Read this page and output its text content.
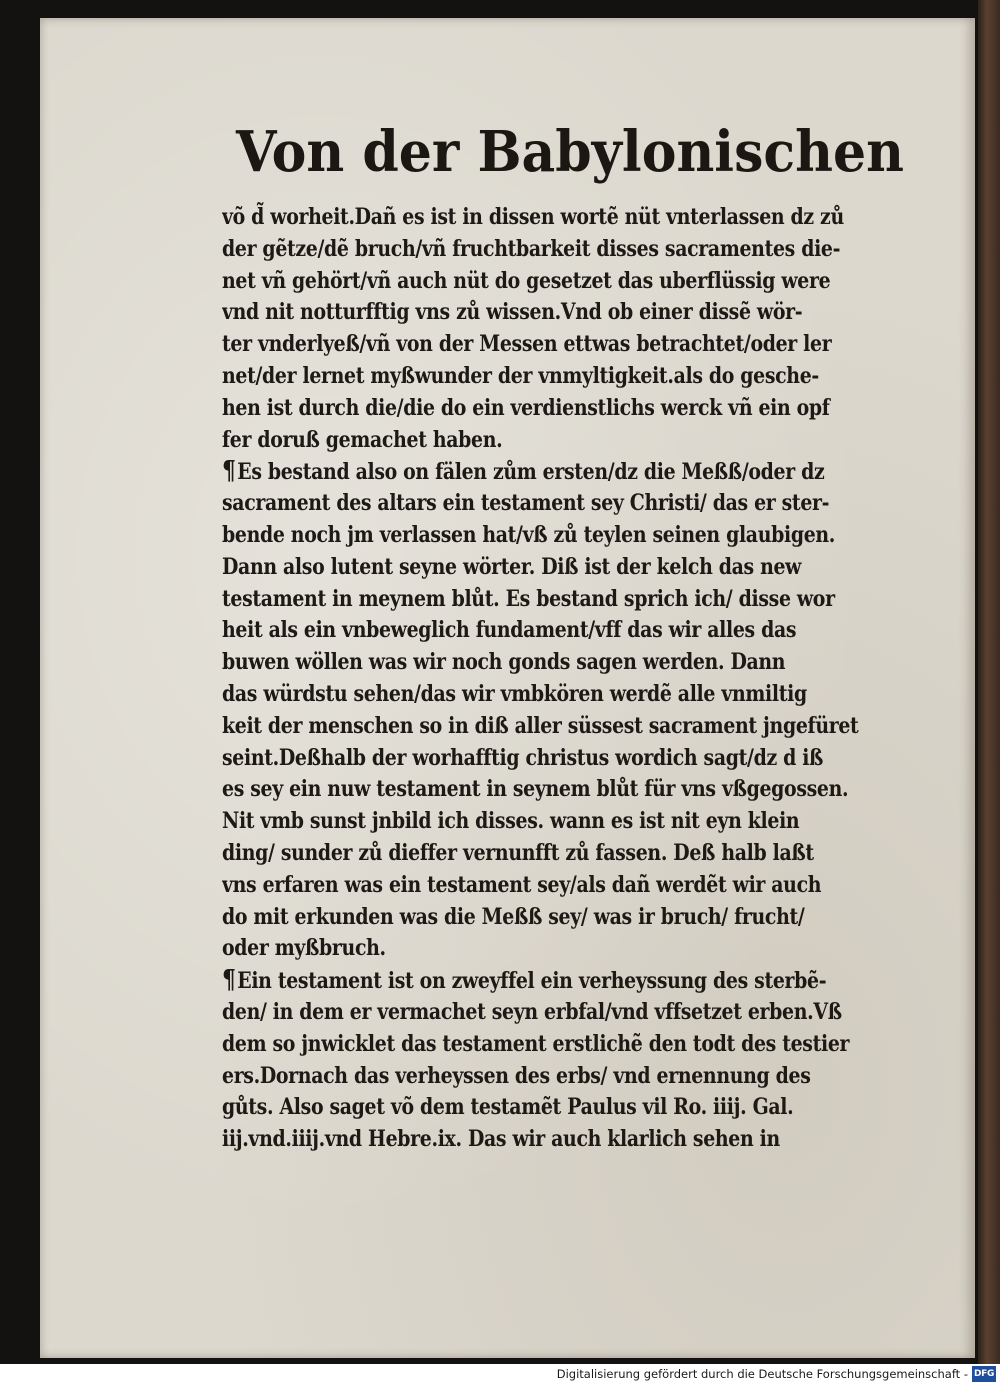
Von der Babylonischen
võ d̃ worheit.Dañ es ist in dissen wortẽ nüt vnterlassen dz zů
der gẽtze/dẽ bruch/vñ fruchtbarkeit disses sacramentes die-
net vñ gehört/vñ auch nüt do gesetzet das uberflüssig were
vnd nit notturfftig vns zů wissen.Vnd ob einer dissẽ wör-
ter vnderlyeß/vñ von der Messen ettwas betrachtet/oder ler
net/der lernet myßwunder der vnmyltigkeit.als do gesche-
hen ist durch die/die do ein verdienstlichs werck vñ ein opf
fer doruß gemachet haben.
¶Es bestand also on fälen zům ersten/dz die Meßß/oder dz
sacrament des altars ein testament sey Christi/ das er ster-
bende noch jm verlassen hat/vß zů teylen seinen glaubigen.
Dann also lutent seyne wörter. Diß ist der kelch das new
testament in meynem blůt. Es bestand sprich ich/ disse wor
heit als ein vnbeweglich fundament/vff das wir alles das
buwen wöllen was wir noch gonds sagen werden. Dann
das würdstu sehen/das wir vmbkören werdẽ alle vnmiltig
keit der menschen so in diß aller süssest sacrament jngefüret
seint.Deßhalb der worhafftig christus wordich sagt/dz d iß
es sey ein nuw testament in seynem blůt für vns vßgegossen.
Nit vmb sunst jnbild ich disses. wann es ist nit eyn klein
ding/ sunder zů dieffer vernunfft zů fassen. Deß halb laßt
vns erfaren was ein testament sey/als dañ werdẽt wir auch
do mit erkunden was die Meßß sey/ was ir bruch/ frucht/
oder myßbruch.
¶Ein testament ist on zweyffel ein verheyssung des sterbẽ-
den/ in dem er vermachet seyn erbfal/vnd vffsetzet erben.Vß
dem so jnwicklet das testament erstlichẽ den todt des testier
ers.Dornach das verheyssen des erbs/ vnd ernennung des
gůts. Also saget võ dem testamẽt Paulus vil Ro. iiij. Gal.
iij.vnd.iiij.vnd Hebre.ix. Das wir auch klarlich sehen in
Digitalisierung gefördert durch die Deutsche Forschungsgemeinschaft - DFG
